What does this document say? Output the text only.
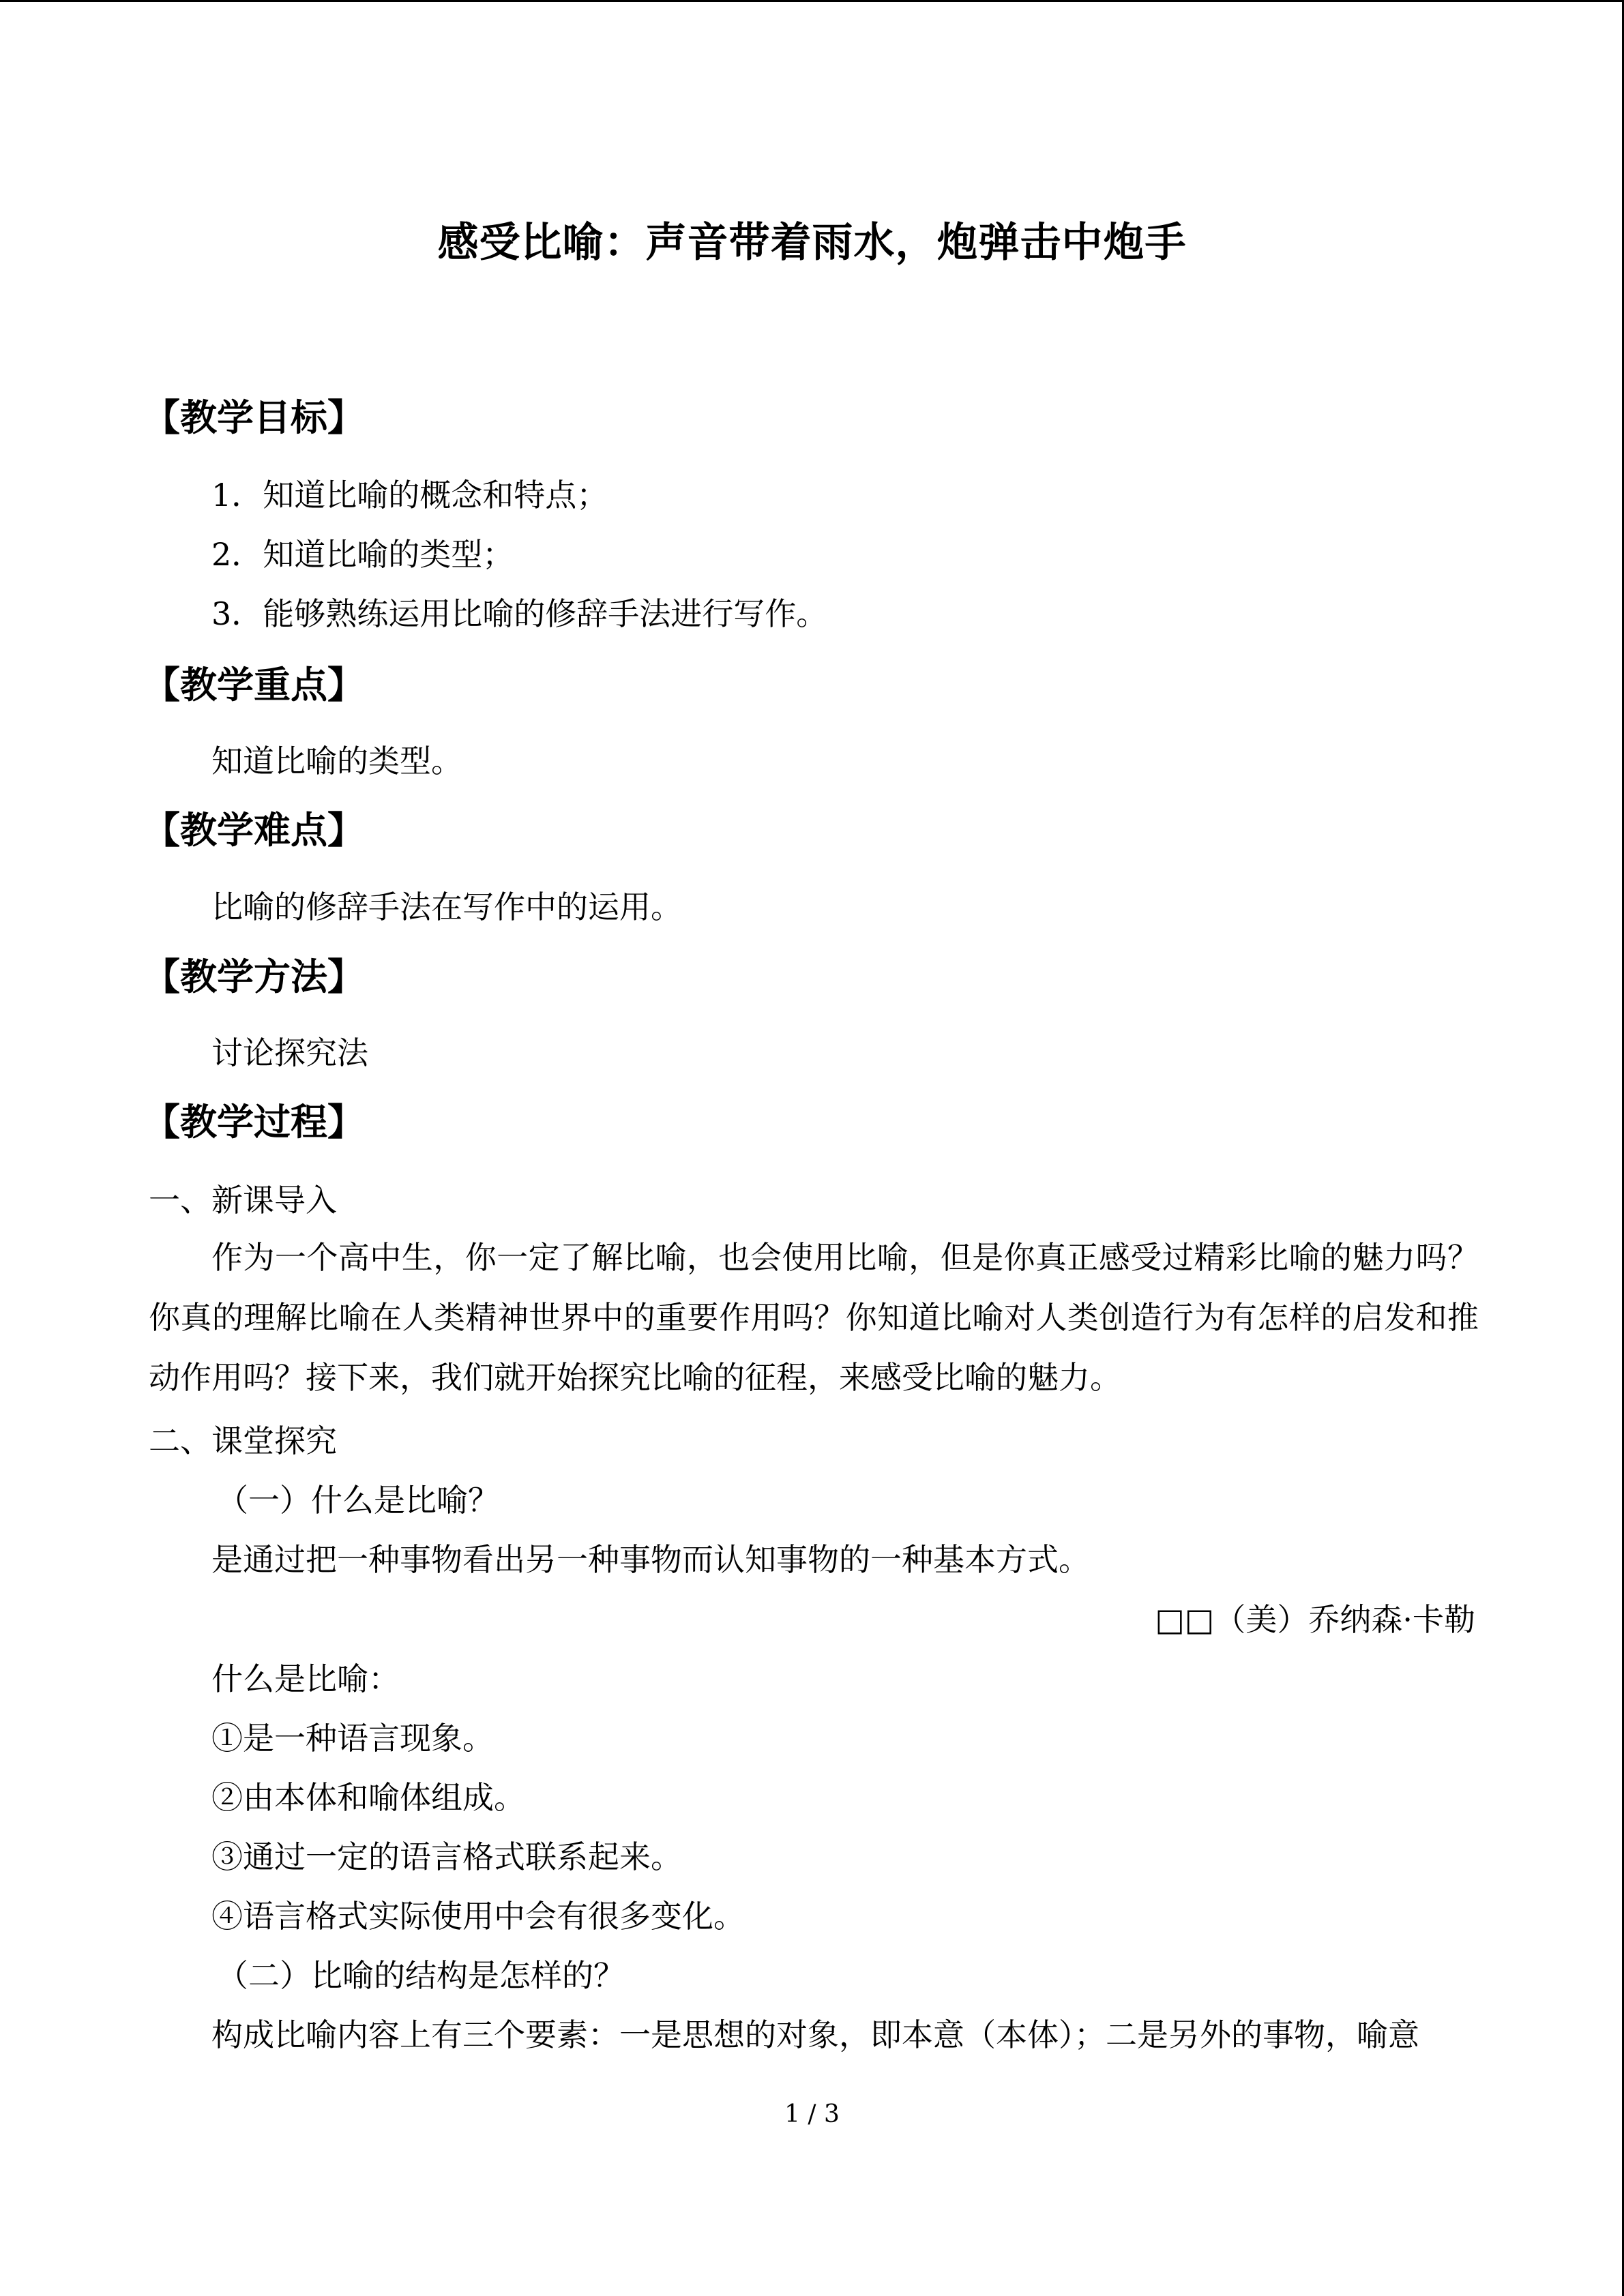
感受比喻：声音带着雨水，炮弹击中炮手
【教学目标】
1．知道比喻的概念和特点；
2．知道比喻的类型；
3．能够熟练运用比喻的修辞手法进行写作。
【教学重点】
知道比喻的类型。
【教学难点】
比喻的修辞手法在写作中的运用。
【教学方法】
讨论探究法
【教学过程】
一、新课导入
作为一个高中生，你一定了解比喻，也会使用比喻，但是你真正感受过精彩比喻的魅力吗？你真的理解比喻在人类精神世界中的重要作用吗？你知道比喻对人类创造行为有怎样的启发和推动作用吗？接下来，我们就开始探究比喻的征程，来感受比喻的魅力。
二、课堂探究
（一）什么是比喻？
是通过把一种事物看出另一种事物而认知事物的一种基本方式。
□□（美）乔纳森·卡勒
什么是比喻：
①是一种语言现象。
②由本体和喻体组成。
③通过一定的语言格式联系起来。
④语言格式实际使用中会有很多变化。
（二）比喻的结构是怎样的？
构成比喻内容上有三个要素：一是思想的对象，即本意（本体）；二是另外的事物，喻意
1 / 3
